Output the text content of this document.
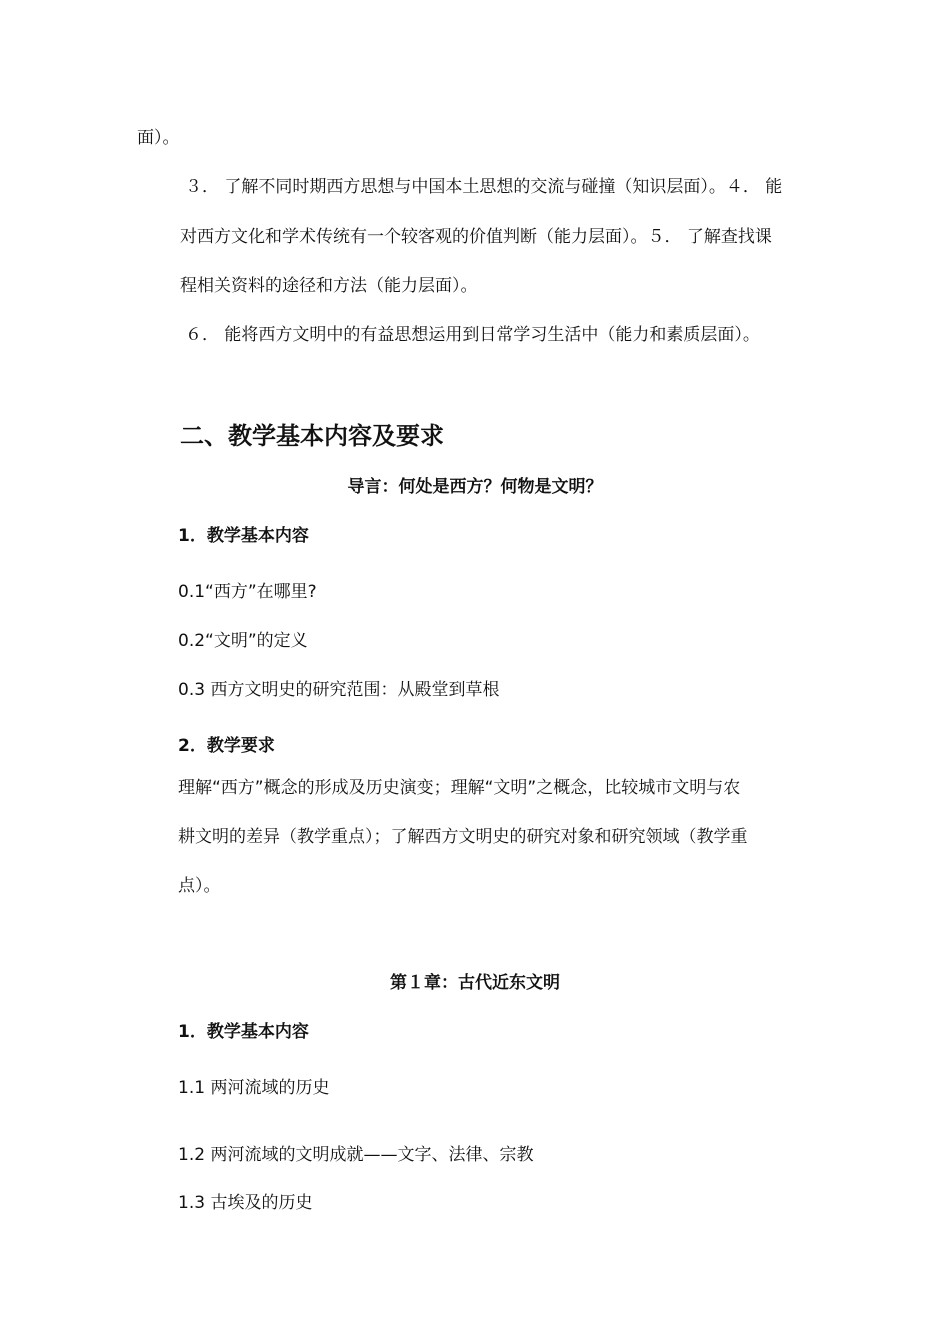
面）。

３． 了解不同时期西方思想与中国本土思想的交流与碰撞（知识层面）。４． 能

对西方文化和学术传统有一个较客观的价值判断（能力层面）。５． 了解查找课

程相关资料的途径和方法（能力层面）。

６． 能将西方文明中的有益思想运用到日常学习生活中（能力和素质层面）。

二、教学基本内容及要求

导言：何处是西方？何物是文明？

1．教学基本内容

0.1“西方”在哪里?

0.2“文明”的定义

0.3 西方文明史的研究范围：从殿堂到草根

2．教学要求

理解“西方”概念的形成及历史演变；理解“文明”之概念，比较城市文明与农

耕文明的差异（教学重点）；了解西方文明史的研究对象和研究领域（教学重

点）。

第１章：古代近东文明

1．教学基本内容

1.1 两河流域的历史

1.2 两河流域的文明成就——文字、法律、宗教

1.3 古埃及的历史
